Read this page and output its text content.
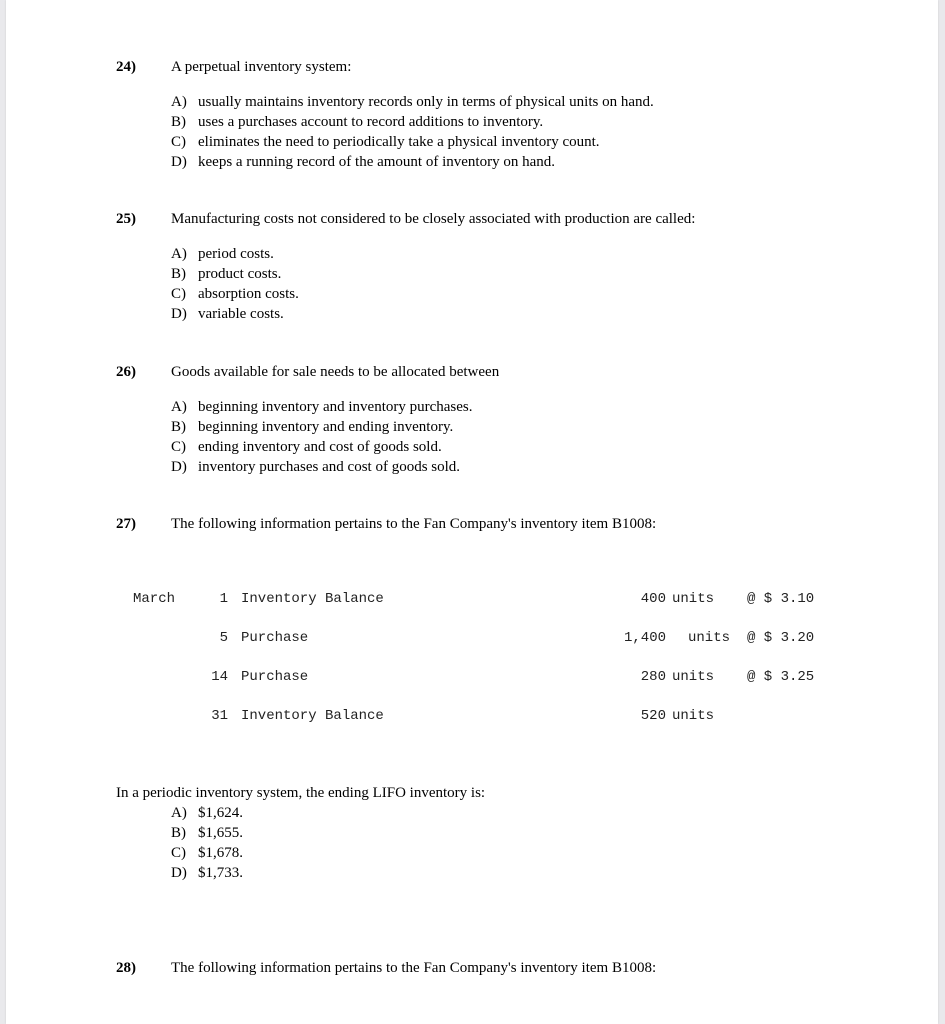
24) A perpetual inventory system:
A) usually maintains inventory records only in terms of physical units on hand.
B) uses a purchases account to record additions to inventory.
C) eliminates the need to periodically take a physical inventory count.
D) keeps a running record of the amount of inventory on hand.
25) Manufacturing costs not considered to be closely associated with production are called:
A) period costs.
B) product costs.
C) absorption costs.
D) variable costs.
26) Goods available for sale needs to be allocated between
A) beginning inventory and inventory purchases.
B) beginning inventory and ending inventory.
C) ending inventory and cost of goods sold.
D) inventory purchases and cost of goods sold.
27) The following information pertains to the Fan Company's inventory item B1008:
March	1 Inventory Balance	400 units @ $ 3.10
5 Purchase	1,400 units @ $ 3.20
14 Purchase	280 units @ $ 3.25
31 Inventory Balance	520 units
In a periodic inventory system, the ending LIFO inventory is:
A) $1,624.
B) $1,655.
C) $1,678.
D) $1,733.
28) The following information pertains to the Fan Company's inventory item B1008:
